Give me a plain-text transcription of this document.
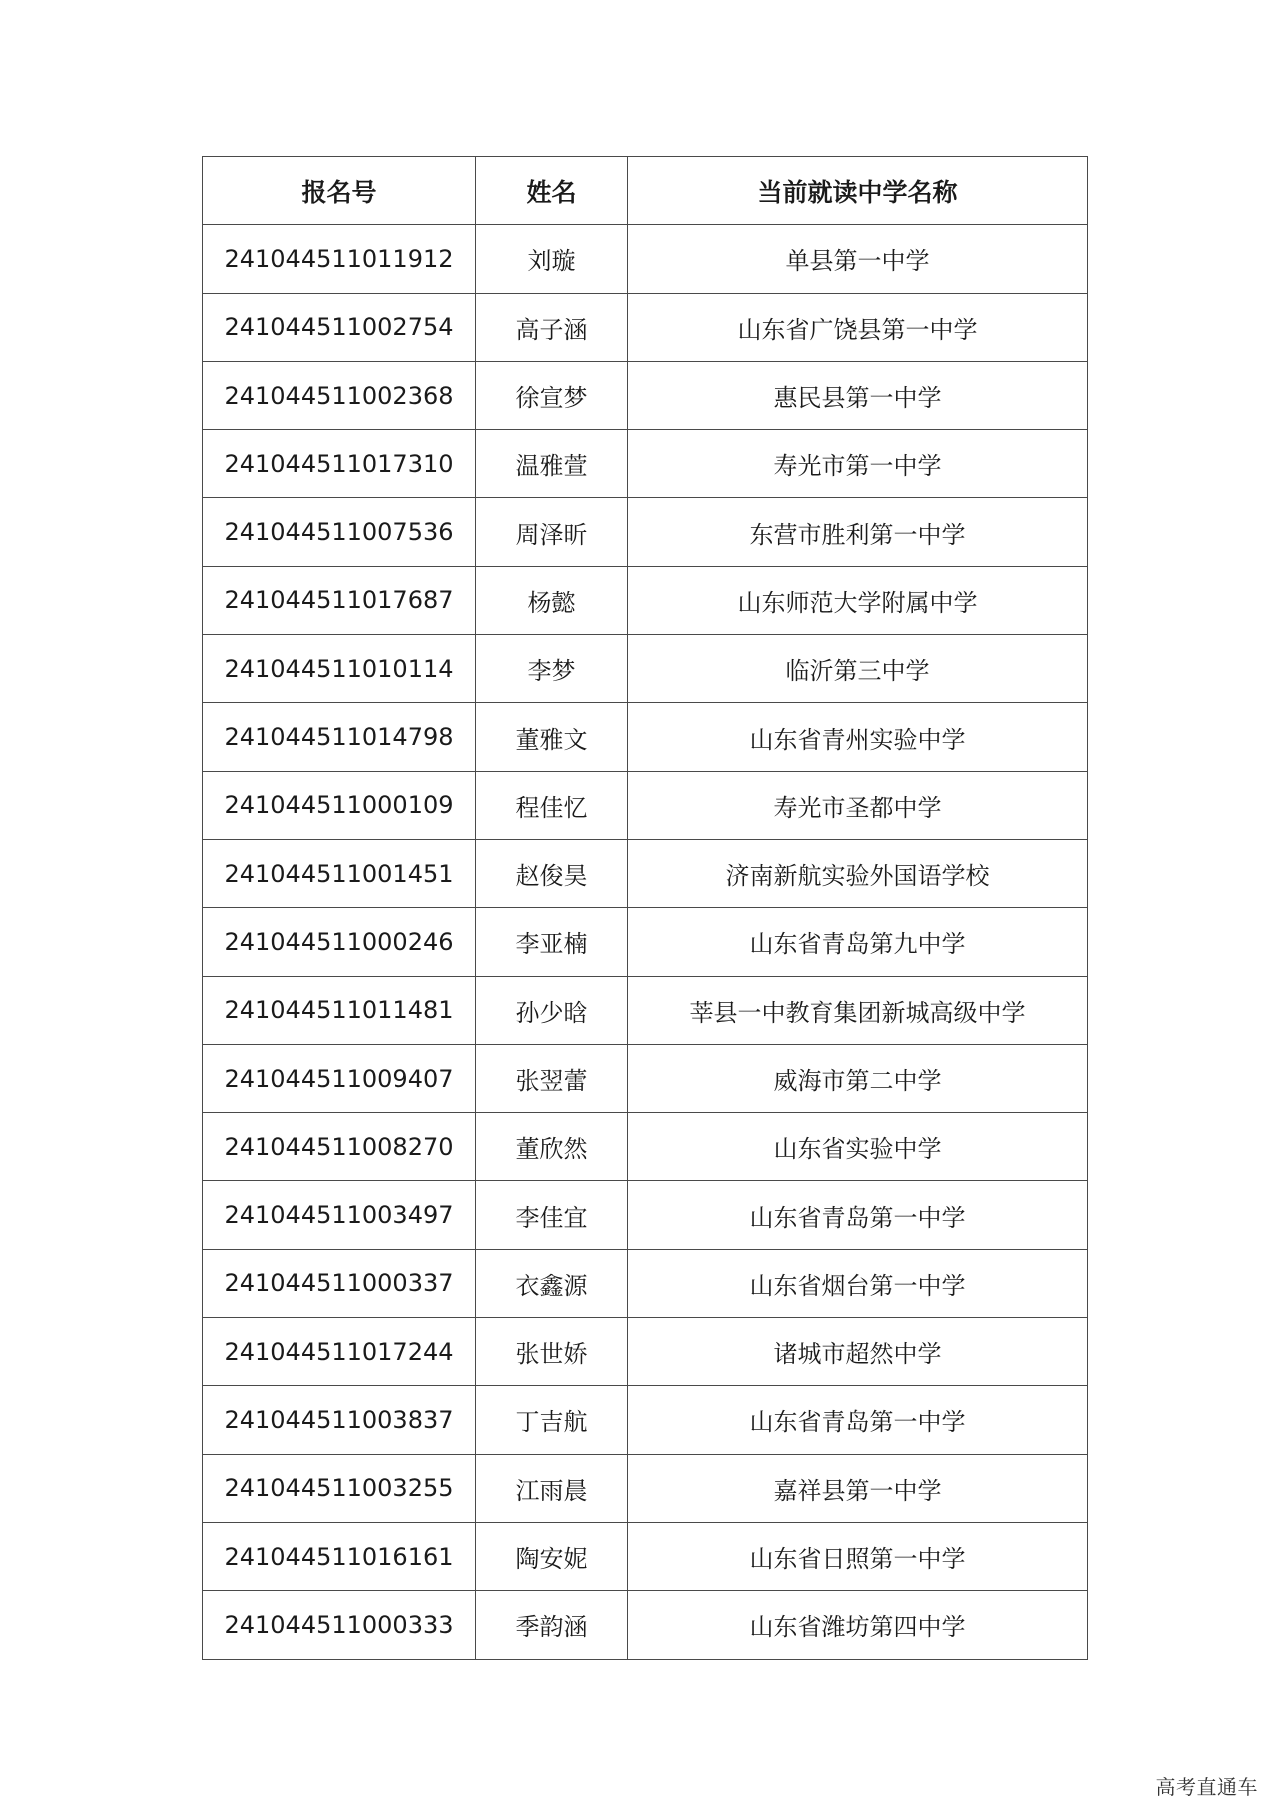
报名号	姓名	当前就读中学名称
241044511011912	刘璇	单县第一中学
241044511002754	高子涵	山东省广饶县第一中学
241044511002368	徐宣梦	惠民县第一中学
241044511017310	温雅萱	寿光市第一中学
241044511007536	周泽昕	东营市胜利第一中学
241044511017687	杨懿	山东师范大学附属中学
241044511010114	李梦	临沂第三中学
241044511014798	董雅文	山东省青州实验中学
241044511000109	程佳忆	寿光市圣都中学
241044511001451	赵俊昊	济南新航实验外国语学校
241044511000246	李亚楠	山东省青岛第九中学
241044511011481	孙少晗	莘县一中教育集团新城高级中学
241044511009407	张翌蕾	威海市第二中学
241044511008270	董欣然	山东省实验中学
241044511003497	李佳宜	山东省青岛第一中学
241044511000337	衣鑫源	山东省烟台第一中学
241044511017244	张世娇	诸城市超然中学
241044511003837	丁吉航	山东省青岛第一中学
241044511003255	江雨晨	嘉祥县第一中学
241044511016161	陶安妮	山东省日照第一中学
241044511000333	季韵涵	山东省潍坊第四中学
高考直通车
